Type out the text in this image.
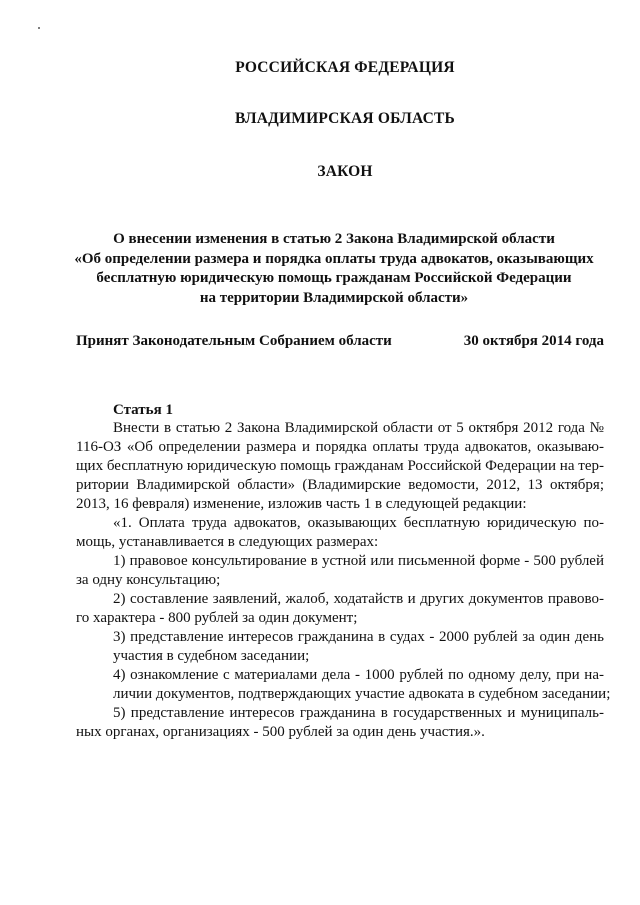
РОССИЙСКАЯ ФЕДЕРАЦИЯ
ВЛАДИМИРСКАЯ ОБЛАСТЬ
ЗАКОН
О внесении изменения в статью 2 Закона Владимирской области
«Об определении размера и порядка оплаты труда адвокатов, оказывающих
бесплатную юридическую помощь гражданам Российской Федерации
на территории Владимирской области»
Принят Законодательным Собранием области	30 октября 2014 года
Статья 1
Внести в статью 2 Закона Владимирской области от 5 октября 2012 года №
116-ОЗ «Об определении размера и порядка оплаты труда адвокатов, оказываю-
щих бесплатную юридическую помощь гражданам Российской Федерации на тер-
ритории Владимирской области» (Владимирские ведомости, 2012, 13 октября;
2013, 16 февраля) изменение, изложив часть 1 в следующей редакции:
«1. Оплата труда адвокатов, оказывающих бесплатную юридическую по-
мощь, устанавливается в следующих размерах:
1) правовое консультирование в устной или письменной форме - 500 рублей
за одну консультацию;
2) составление заявлений, жалоб, ходатайств и других документов правово-
го характера - 800 рублей за один документ;
3) представление интересов гражданина в судах - 2000 рублей за один день
участия в судебном заседании;
4) ознакомление с материалами дела - 1000 рублей по одному делу, при на-
личии документов, подтверждающих участие адвоката в судебном заседании;
5) представление интересов гражданина в государственных и муниципаль-
ных органах, организациях - 500 рублей за один день участия.».
